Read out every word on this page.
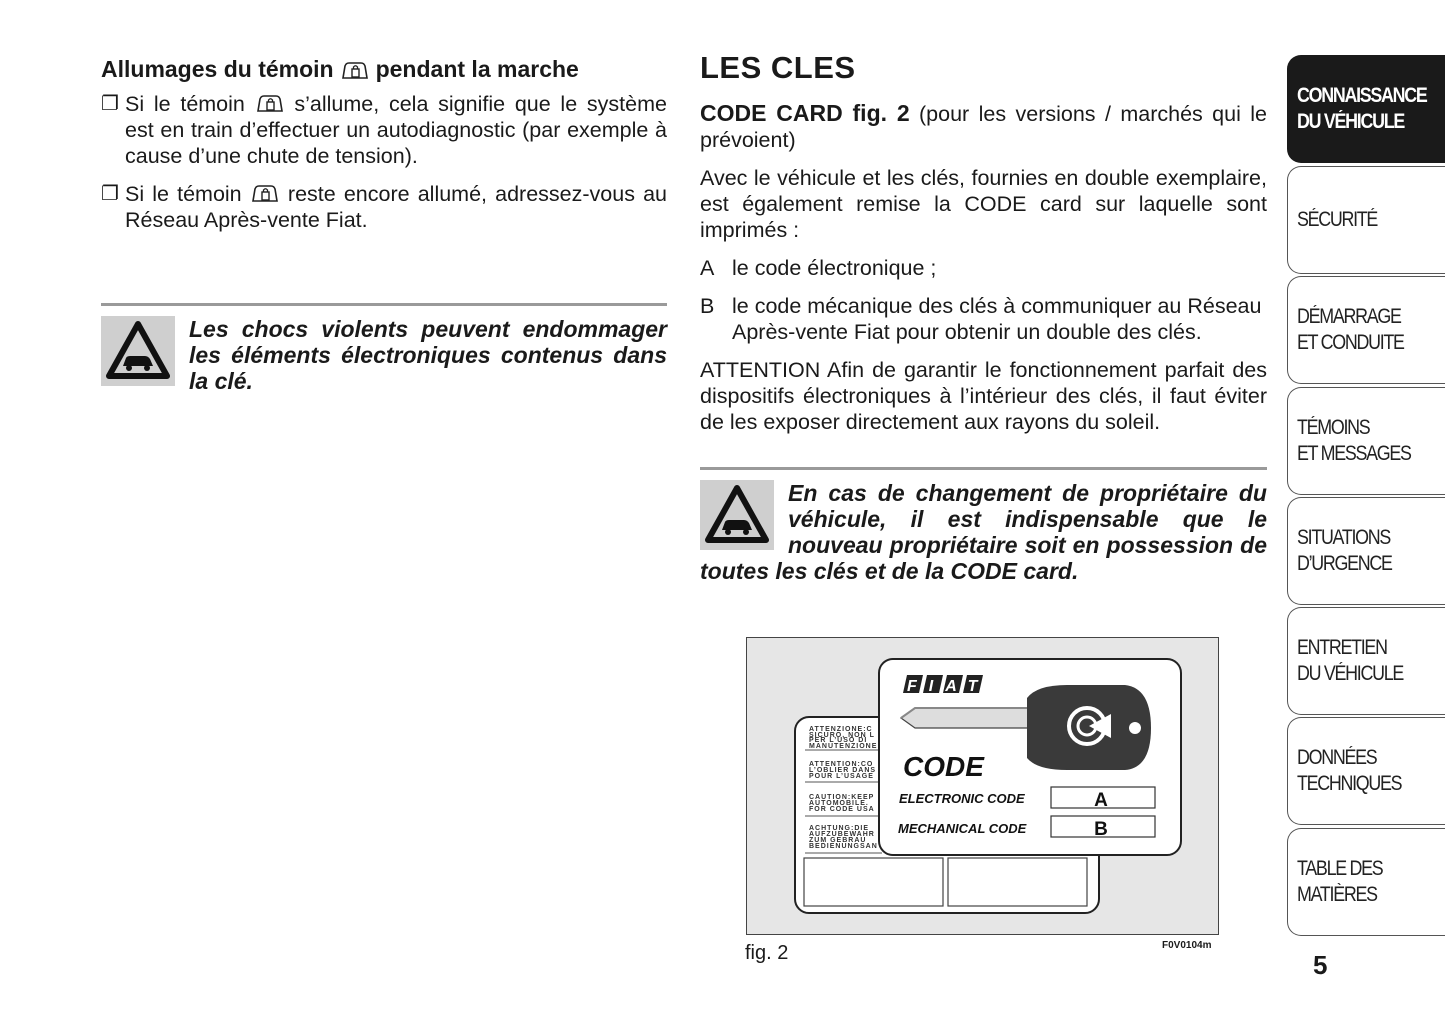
Allumages du témoin pendant la marche
❐ Si le témoin s’allume, cela signifie que le système est en train d’effectuer un autodiagnostic (par exemple à cause d’une chute de tension).
❐ Si le témoin reste encore allumé, adressez-vous au Réseau Après-vente Fiat.

Les chocs violents peuvent endommager les éléments électroniques contenus dans la clé.

LES CLES

CODE CARD fig. 2 (pour les versions / marchés qui le prévoient)

Avec le véhicule et les clés, fournies en double exemplaire, est également remise la CODE card sur laquelle sont imprimés :

A le code électronique ;
B le code mécanique des clés à communiquer au Réseau Après-vente Fiat pour obtenir un double des clés.

ATTENTION Afin de garantir le fonctionnement parfait des dispositifs électroniques à l’intérieur des clés, il faut éviter de les exposer directement aux rayons du soleil.

En cas de changement de propriétaire du véhicule, il est indispensable que le nouveau propriétaire soit en possession de toutes les clés et de la CODE card.

ATTENZIONE:C
SICURO, NON L
PER L’USO DI
MANUTENZIONE
ATTENTION:CO
L’OBLIER DANS
POUR L’USAGE
CAUTION:KEEP
AUTOMOBILE.
FOR CODE USA
ACHTUNG:DIE
AUFZUBEWAHR
ZUM GEBRAU
BEDIENUNGSAN
FIAT
CODE
ELECTRONIC CODE
MECHANICAL CODE
A
B
fig. 2	F0V0104m
CONNAISSANCE
DU VÉHICULE
SÉCURITÉ
DÉMARRAGE
ET CONDUITE
TÉMOINS
ET MESSAGES
SITUATIONS
D’URGENCE
ENTRETIEN
DU VÉHICULE
DONNÉES
TECHNIQUES
TABLE DES
MATIÈRES
5
